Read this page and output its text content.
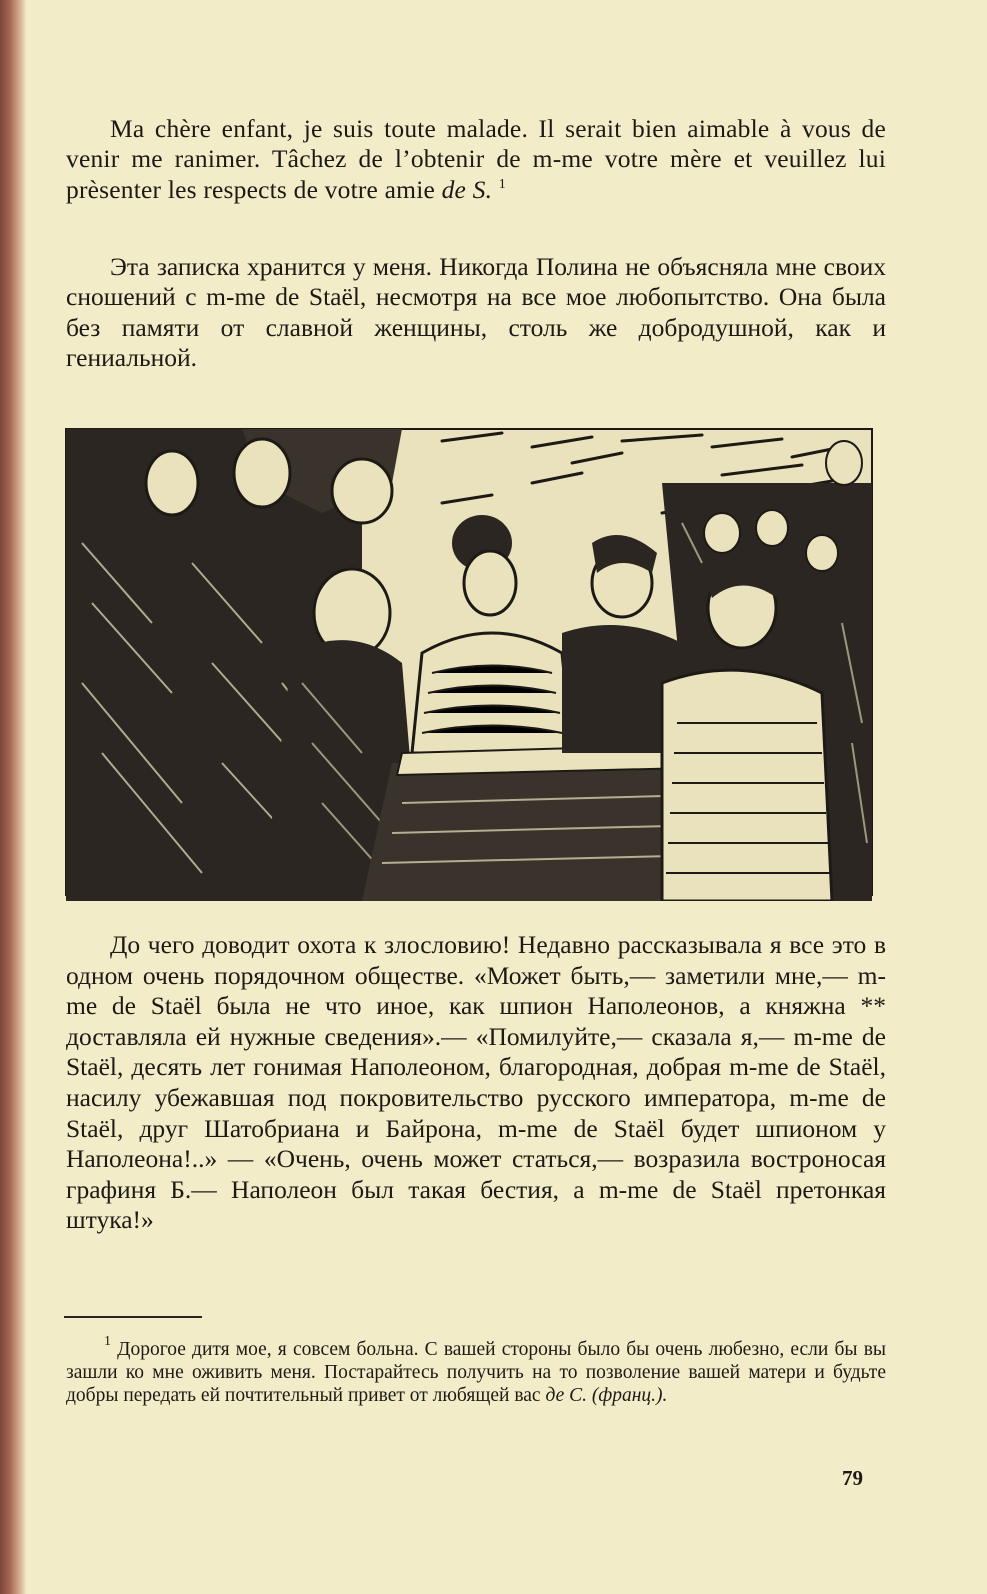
Ma chère enfant, je suis toute malade. Il serait bien aimable à vous de venir me ranimer. Tâchez de l’obtenir de m-me votre mère et veuillez lui prèsenter les respects de votre amie de S. $^1$

Эта записка хранится у меня. Никогда Полина не объясняла мне своих сношений с m-me de Staël, несмотря на все мое любопытство. Она была без памяти от славной женщины, столь же добродушной, как и гениальной.

До чего доводит охота к злословию! Недавно рассказывала я все это в одном очень порядочном обществе. «Может быть,— заметили мне,— m-me de Staël была не что иное, как шпион Наполеонов, а княжна ** доставляла ей нужные сведения».— «Помилуйте,— сказала я,— m-me de Staël, десять лет гонимая Наполеоном, благородная, добрая m-me de Staël, насилу убежавшая под покровительство русского императора, m-me de Staël, друг Шатобриана и Байрона, m-me de Staël будет шпионом у Наполеона!..» — «Очень, очень может статься,— возразила востроносая графиня Б.— Наполеон был такая бестия, а m-me de Staël претонкая штука!»

$^1$ Дорогое дитя мое, я совсем больна. С вашей стороны было бы очень любезно, если бы вы зашли ко мне оживить меня. Постарайтесь получить на то позволение вашей матери и будьте добры передать ей почтительный привет от любящей вас де С. (франц.).

79
